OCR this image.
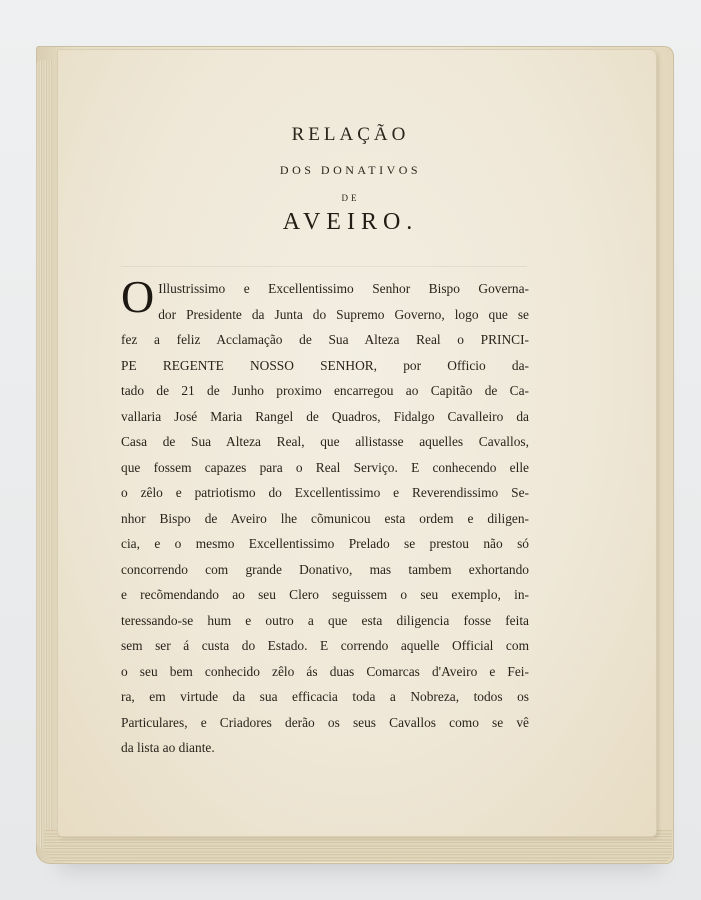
RELAÇÃO
DOS DONATIVOS
DE
AVEIRO.
O Illustrissimo e Excellentissimo Senhor Bispo Governa-
dor Presidente da Junta do Supremo Governo, logo que se
fez a feliz Acclamação de Sua Alteza Real o PRINCI-
PE REGENTE NOSSO SENHOR, por Officio da-
tado de 21 de Junho proximo encarregou ao Capitão de Ca-
vallaria José Maria Rangel de Quadros, Fidalgo Cavalleiro da
Casa de Sua Alteza Real, que allistasse aquelles Cavallos,
que fossem capazes para o Real Serviço. E conhecendo elle
o zêlo e patriotismo do Excellentissimo e Reverendissimo Se-
nhor Bispo de Aveiro lhe cõmunicou esta ordem e diligen-
cia, e o mesmo Excellentissimo Prelado se prestou não só
concorrendo com grande Donativo, mas tambem exhortando
e recõmendando ao seu Clero seguissem o seu exemplo, in-
teressando-se hum e outro a que esta diligencia fosse feita
sem ser á custa do Estado. E correndo aquelle Official com
o seu bem conhecido zêlo ás duas Comarcas d'Aveiro e Fei-
ra, em virtude da sua efficacia toda a Nobreza, todos os
Particulares, e Criadores derão os seus Cavallos como se vê
da lista ao diante.
